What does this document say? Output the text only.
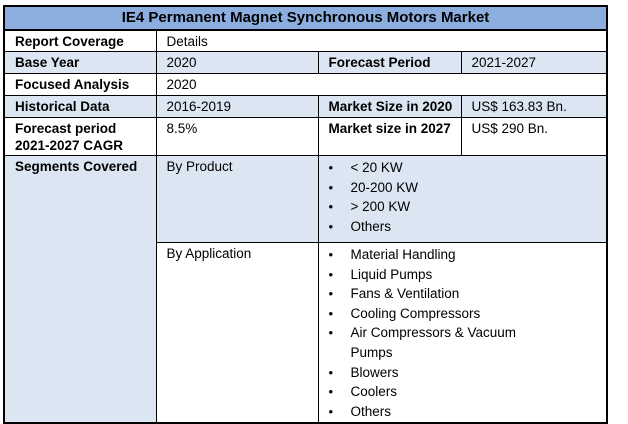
IE4 Permanent Magnet Synchronous Motors Market			
Report Coverage	Details		
Base Year	2020	Forecast Period	2021-2027
Focused Analysis	2020		
Historical Data	2016-2019	Market Size in 2020	US$ 163.83 Bn.
Forecast period 2021-2027 CAGR	8.5%	Market size in 2027	US$ 290 Bn.
Segments Covered	By Product	•	< 20 KW
•	20-200 KW
•	> 200 KW
•	Others

By Application	•	Material Handling
•	Liquid Pumps
•	Fans & Ventilation
•	Cooling Compressors
•	Air Compressors & Vacuum Pumps
•	Blowers
•	Coolers
•	Others
